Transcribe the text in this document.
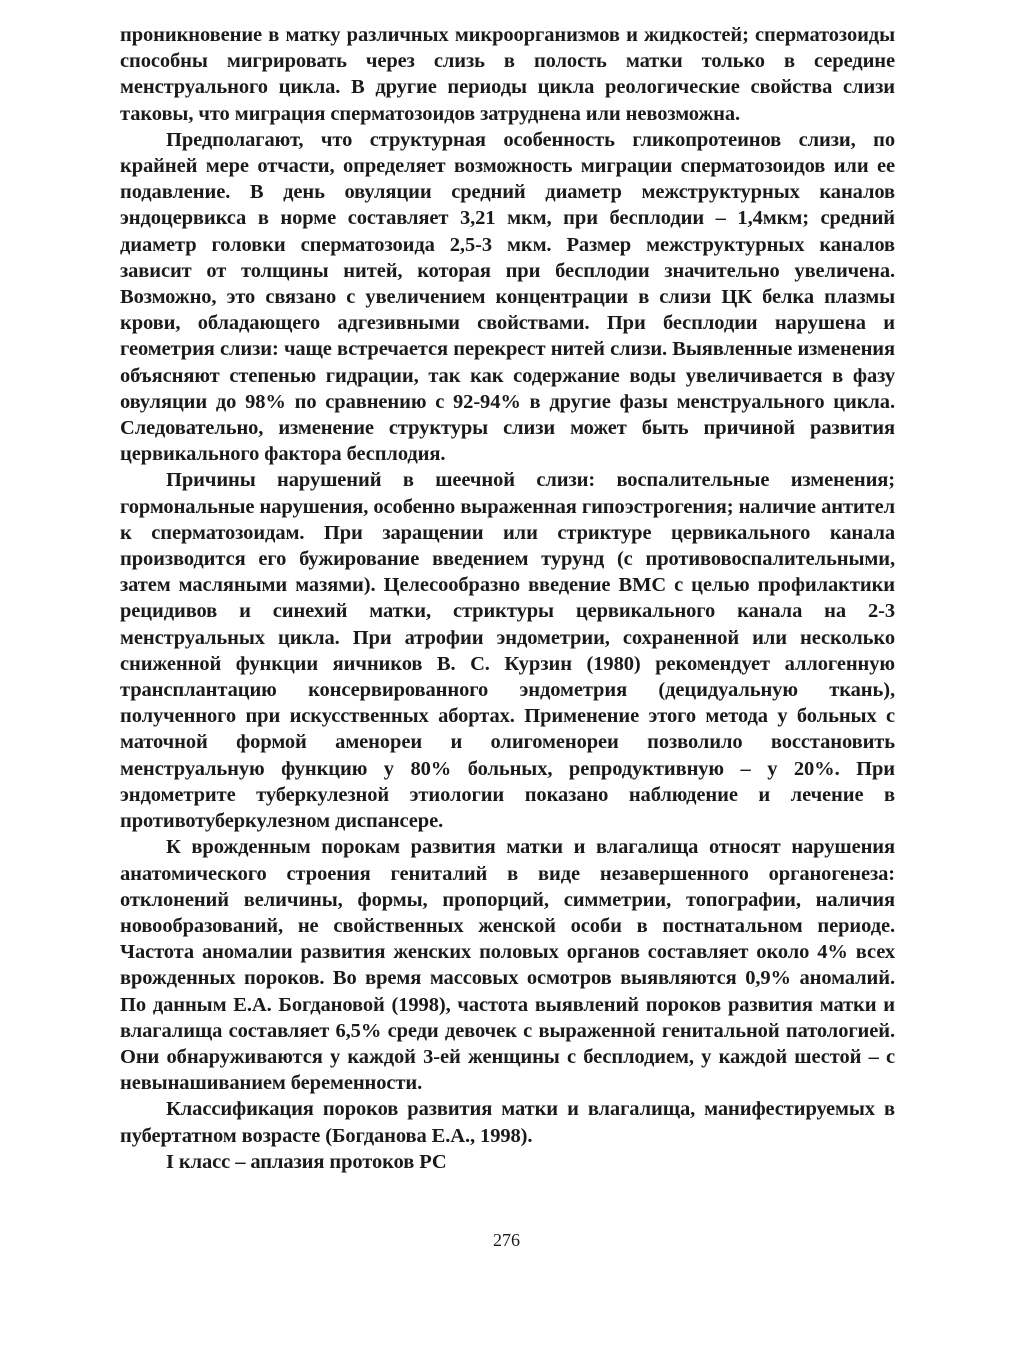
проникновение в матку различных микроорганизмов и жидкостей; сперматозоиды способны мигрировать через слизь в полость матки только в середине менструального цикла. В другие периоды цикла реологические свойства слизи таковы, что миграция сперматозоидов затруднена или невозможна.

Предполагают, что структурная особенность гликопротеинов слизи, по крайней мере отчасти, определяет возможность миграции сперматозоидов или ее подавление. В день овуляции средний диаметр межструктурных каналов эндоцервикса в норме составляет 3,21 мкм, при бесплодии – 1,4мкм; средний диаметр головки сперматозоида 2,5-3 мкм. Размер межструктурных каналов зависит от толщины нитей, которая при бесплодии значительно увеличена. Возможно, это связано с увеличением концентрации в слизи ЦК белка плазмы крови, обладающего адгезивными свойствами. При бесплодии нарушена и геометрия слизи: чаще встречается перекрест нитей слизи. Выявленные изменения объясняют степенью гидрации, так как содержание воды увеличивается в фазу овуляции до 98% по сравнению с 92-94% в другие фазы менструального цикла. Следовательно, изменение структуры слизи может быть причиной развития цервикального фактора бесплодия.

Причины нарушений в шеечной слизи: воспалительные изменения; гормональные нарушения, особенно выраженная гипоэстрогения; наличие антител к сперматозоидам. При заращении или стриктуре цервикального канала производится его бужирование введением турунд (с противовоспалительными, затем масляными мазями). Целесообразно введение ВМС с целью профилактики рецидивов и синехий матки, стриктуры цервикального канала на 2-3 менструальных цикла. При атрофии эндометрии, сохраненной или несколько сниженной функции яичников В. С. Курзин (1980) рекомендует аллогенную трансплантацию консервированного эндометрия (децидуальную ткань), полученного при искусственных абортах. Применение этого метода у больных с маточной формой аменореи и олигоменореи позволило восстановить менструальную функцию у 80% больных, репродуктивную – у 20%. При эндометрите туберкулезной этиологии показано наблюдение и лечение в противотуберкулезном диспансере.

К врожденным порокам развития матки и влагалища относят нарушения анатомического строения гениталий в виде незавершенного органогенеза: отклонений величины, формы, пропорций, симметрии, топографии, наличия новообразований, не свойственных женской особи в постнатальном периоде. Частота аномалии развития женских половых органов составляет около 4% всех врожденных пороков. Во время массовых осмотров выявляются 0,9% аномалий. По данным Е.А. Богдановой (1998), частота выявлений пороков развития матки и влагалища составляет 6,5% среди девочек с выраженной генитальной патологией. Они обнаруживаются у каждой 3-ей женщины с бесплодием, у каждой шестой – с невынашиванием беременности.

Классификация пороков развития матки и влагалища, манифестируемых в пубертатном возрасте (Богданова Е.А., 1998).

I класс – аплазия протоков РС

276
